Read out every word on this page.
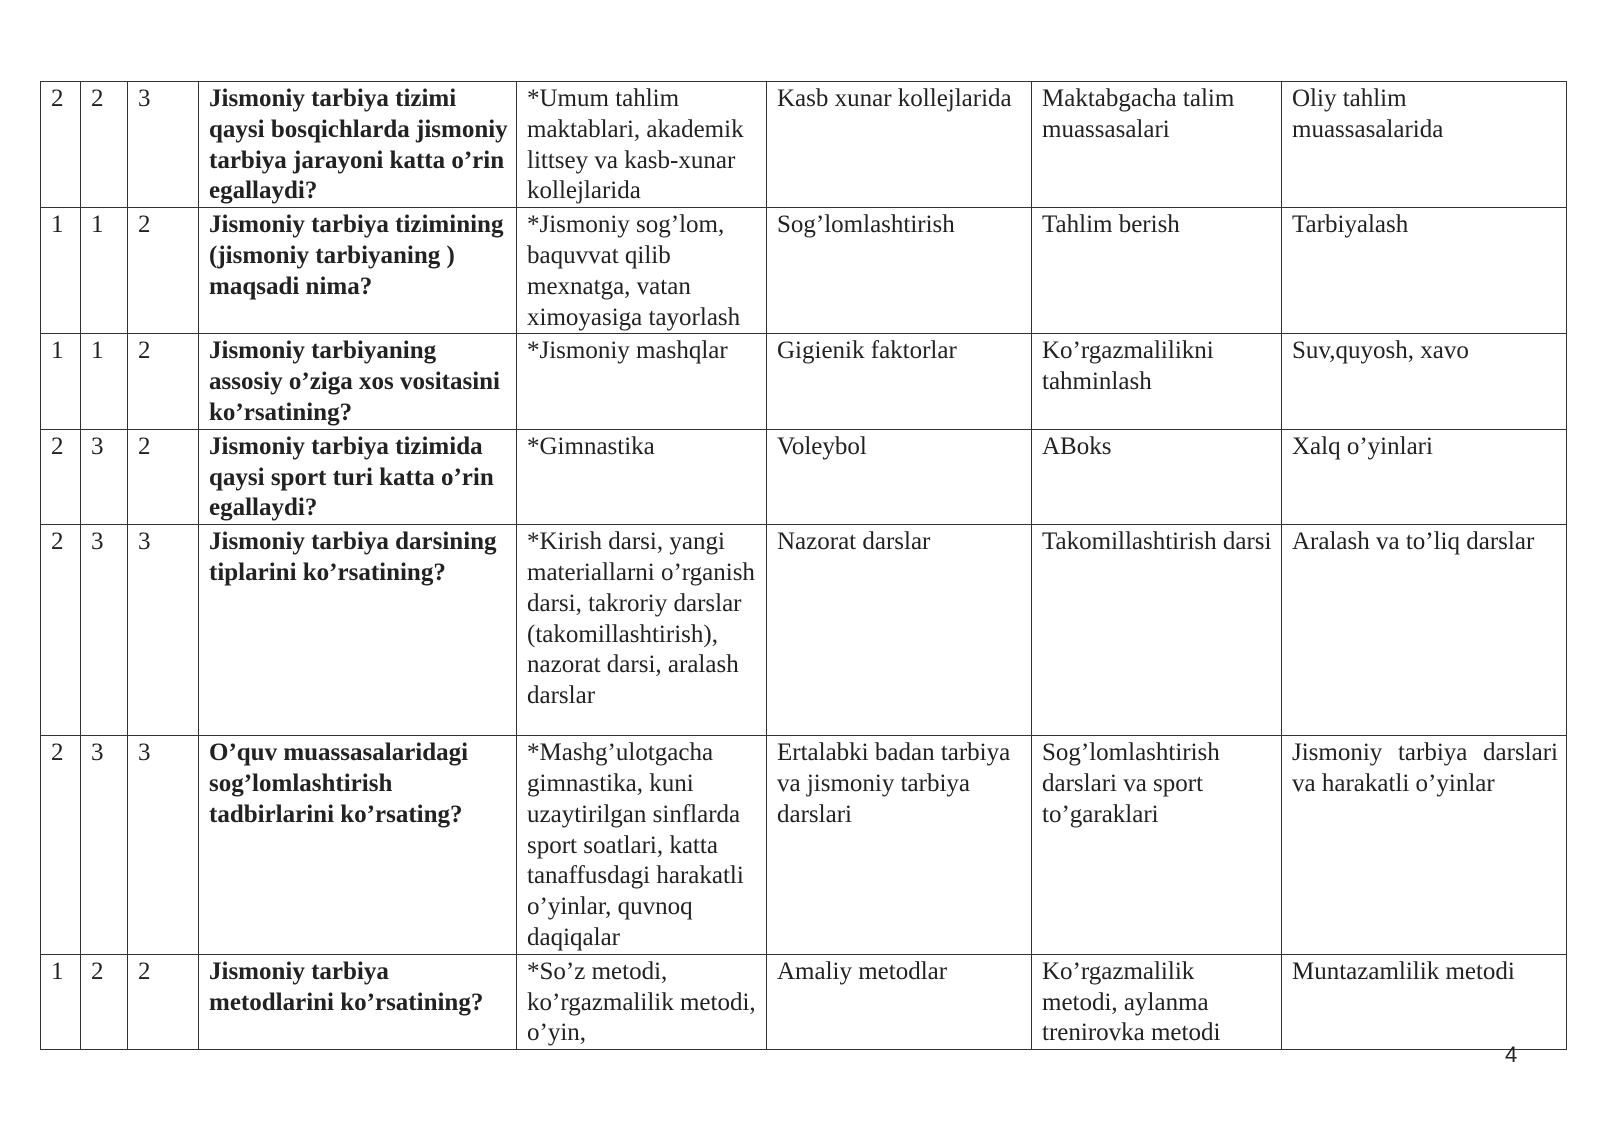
2	2	3	Jismoniy tarbiya tizimi qaysi bosqichlarda jismoniy tarbiya jarayoni katta o’rin egallaydi?	*Umum tahlim maktablari, akademik littsey va kasb-xunar kollejlarida	Kasb xunar kollejlarida	Maktabgacha talim muassasalari	Oliy tahlim muassasalarida
1	1	2	Jismoniy tarbiya tizimining (jismoniy tarbiyaning ) maqsadi nima?	*Jismoniy sog’lom, baquvvat qilib mexnatga, vatan ximoyasiga tayorlash	Sog’lomlashtirish	Tahlim berish	Tarbiyalash
1	1	2	Jismoniy tarbiyaning assosiy o’ziga xos vositasini ko’rsatining?	*Jismoniy mashqlar	Gigienik faktorlar	Ko’rgazmalilikni tahminlash	Suv,quyosh, xavo
2	3	2	Jismoniy tarbiya tizimida qaysi sport turi katta o’rin egallaydi?	*Gimnastika	Voleybol	ABoks	Xalq o’yinlari
2	3	3	Jismoniy tarbiya darsining tiplarini ko’rsatining?	*Kirish darsi, yangi materiallarni o’rganish darsi, takroriy darslar (takomillashtirish), nazorat darsi, aralash darslar	Nazorat darslar	Takomillashtirish darsi	Aralash va to’liq darslar
2	3	3	O’quv muassasalaridagi sog’lomlashtirish tadbirlarini ko’rsating?	*Mashg’ulotgacha gimnastika, kuni uzaytirilgan sinflarda sport soatlari, katta tanaffusdagi harakatli o’yinlar, quvnoq daqiqalar	Ertalabki badan tarbiya va jismoniy tarbiya darslari	Sog’lomlashtirish darslari va sport to’garaklari	Jismoniy tarbiya darslari va harakatli o’yinlar
1	2	2	Jismoniy tarbiya metodlarini ko’rsatining?	*So’z metodi, ko’rgazmalilik metodi, o’yin,	Amaliy metodlar	Ko’rgazmalilik metodi, aylanma trenirovka metodi	Muntazamlilik metodi
4
